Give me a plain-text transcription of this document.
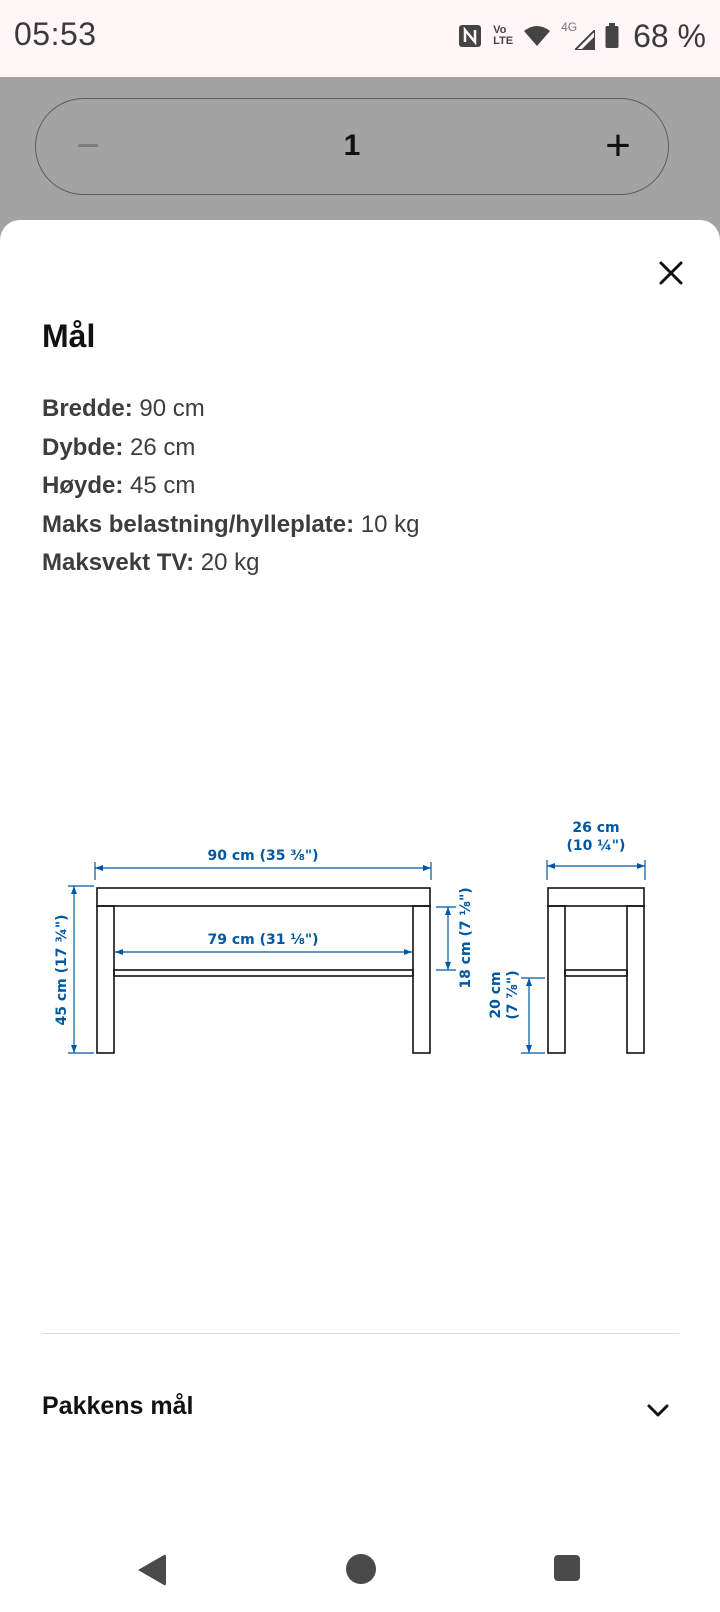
05:53	Vo
LTE
4G 68 %
−	1	+
Mål
Bredde: 90 cm
Dybde: 26 cm
Høyde: 45 cm
Maks belastning/hylleplate: 10 kg
Maksvekt TV: 20 kg
90 cm (35 ⅜")
79 cm (31 ⅛")
45 cm (17 ¾")	18 cm (7 ⅛")
20 cm (7 ⅞")
26 cm
(10 ¼")
Pakkens mål
